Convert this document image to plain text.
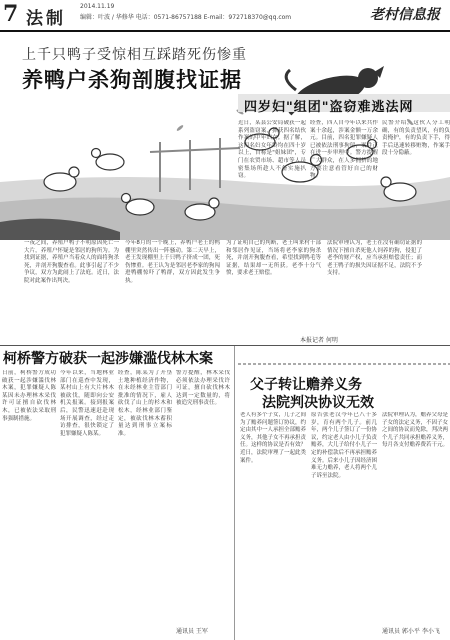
7 法制
2014.11.19
编辑：叶波 / 华修华 电话：0571-86757188 E-mail：972718370@qq.com	老村信息报
上千只鸭子受惊相互踩踏死伤惨重
养鸭户杀狗剖腹找证据
四岁妇"组团"盗窃难逃法网
近日，某县公安局破获一起系列盗窃案，抓获四名结伙作案的中年妇女。据了解，这四名妇女年龄均在四十岁以上，自称是"姐妹团"，专门在农贸市场、超市等人员密集场所趁人不备实施扒窃。
经查，四人自今年以来共作案十余起，涉案金额一万余元。目前，四名犯罪嫌疑人已被依法刑事拘留，案件正在进一步审理中。警方提醒广大群众，在人多拥挤的地方要注意看管好自己的财物。
民警介绍，这伙人分工明确，有的负责望风，有的负责掩护，有的负责下手，得手后迅速转移赃物，作案手段十分隐蔽。
一夜之间，养殖户鸭子不明原因死亡一大片，养殖户怀疑是邻居的狗所为。为找到证据，养殖户当着众人的面将狗杀死，并剖开狗腹查看。此事引起了不少争议，双方为此闹上了法庭。近日，法院对此案作出判决。
今年8月的一个晚上，养鸭户老王的鸭棚里突然传出一阵骚动。第二天早上，老王发现棚里上千只鸭子挤成一团，死伤惨重。老王认为是邻居老李家的狗闯进鸭棚惊吓了鸭群，双方因此发生争执。
为了证明自己的判断，老王叫来村干部和邻居作见证，当场将老李家的狗杀死，并剖开狗腹查看，希望找到鸭毛等证据，结果却一无所获。老李十分气愤，要求老王赔偿。
法院审理认为，老王在没有确切证据的情况下擅自杀死他人饲养的狗，侵犯了老李的财产权，应当承担赔偿责任；而老王鸭子的损失因证据不足，法院不予支持。
本报记者 何明
柯桥警方破获一起涉嫌滥伐林木案
日前，柯桥警方成功破获一起涉嫌滥伐林木案，犯罪嫌疑人陈某因未办理林木采伐许可证擅自砍伐林木，已被依法采取刑事强制措施。
今年以来，当地林业部门在巡查中发现，某村山上有大片林木被砍伐，随即向公安机关报案。接到报案后，民警迅速赶赴现场开展调查，经过走访排查，很快锁定了犯罪嫌疑人陈某。
经查，陈某为了开垦土地种植经济作物，在未经林业主管部门批准的情况下，雇人砍伐了山上的杉木和松木，经林业部门鉴定，被砍伐林木蓄积量达到刑事立案标准。
警方提醒，林木采伐必须依法办理采伐许可证，擅自砍伐林木达到一定数量的，将被追究刑事责任。
通讯员 王军
父子转让赡养义务
法院判决协议无效
老人有多个子女，儿子之间为了赡养问题签订协议，约定由其中一人承担全部赡养义务，其他子女不再承担责任。这样的协议是否有效？近日，法院审理了一起此类案件。
原告张老汉今年已八十多岁，育有两个儿子。前几年，两个儿子签订了一份协议，约定老人由小儿子负责赡养，大儿子给付小儿子一定的补偿款后不再承担赡养义务。后来小儿子因经济困难无力赡养，老人将两个儿子诉至法院。
法院审理认为，赡养父母是子女的法定义务，不因子女之间的协议而免除，判决两个儿子共同承担赡养义务，每月各支付赡养费若干元。
通讯员 郭小平 李小飞
